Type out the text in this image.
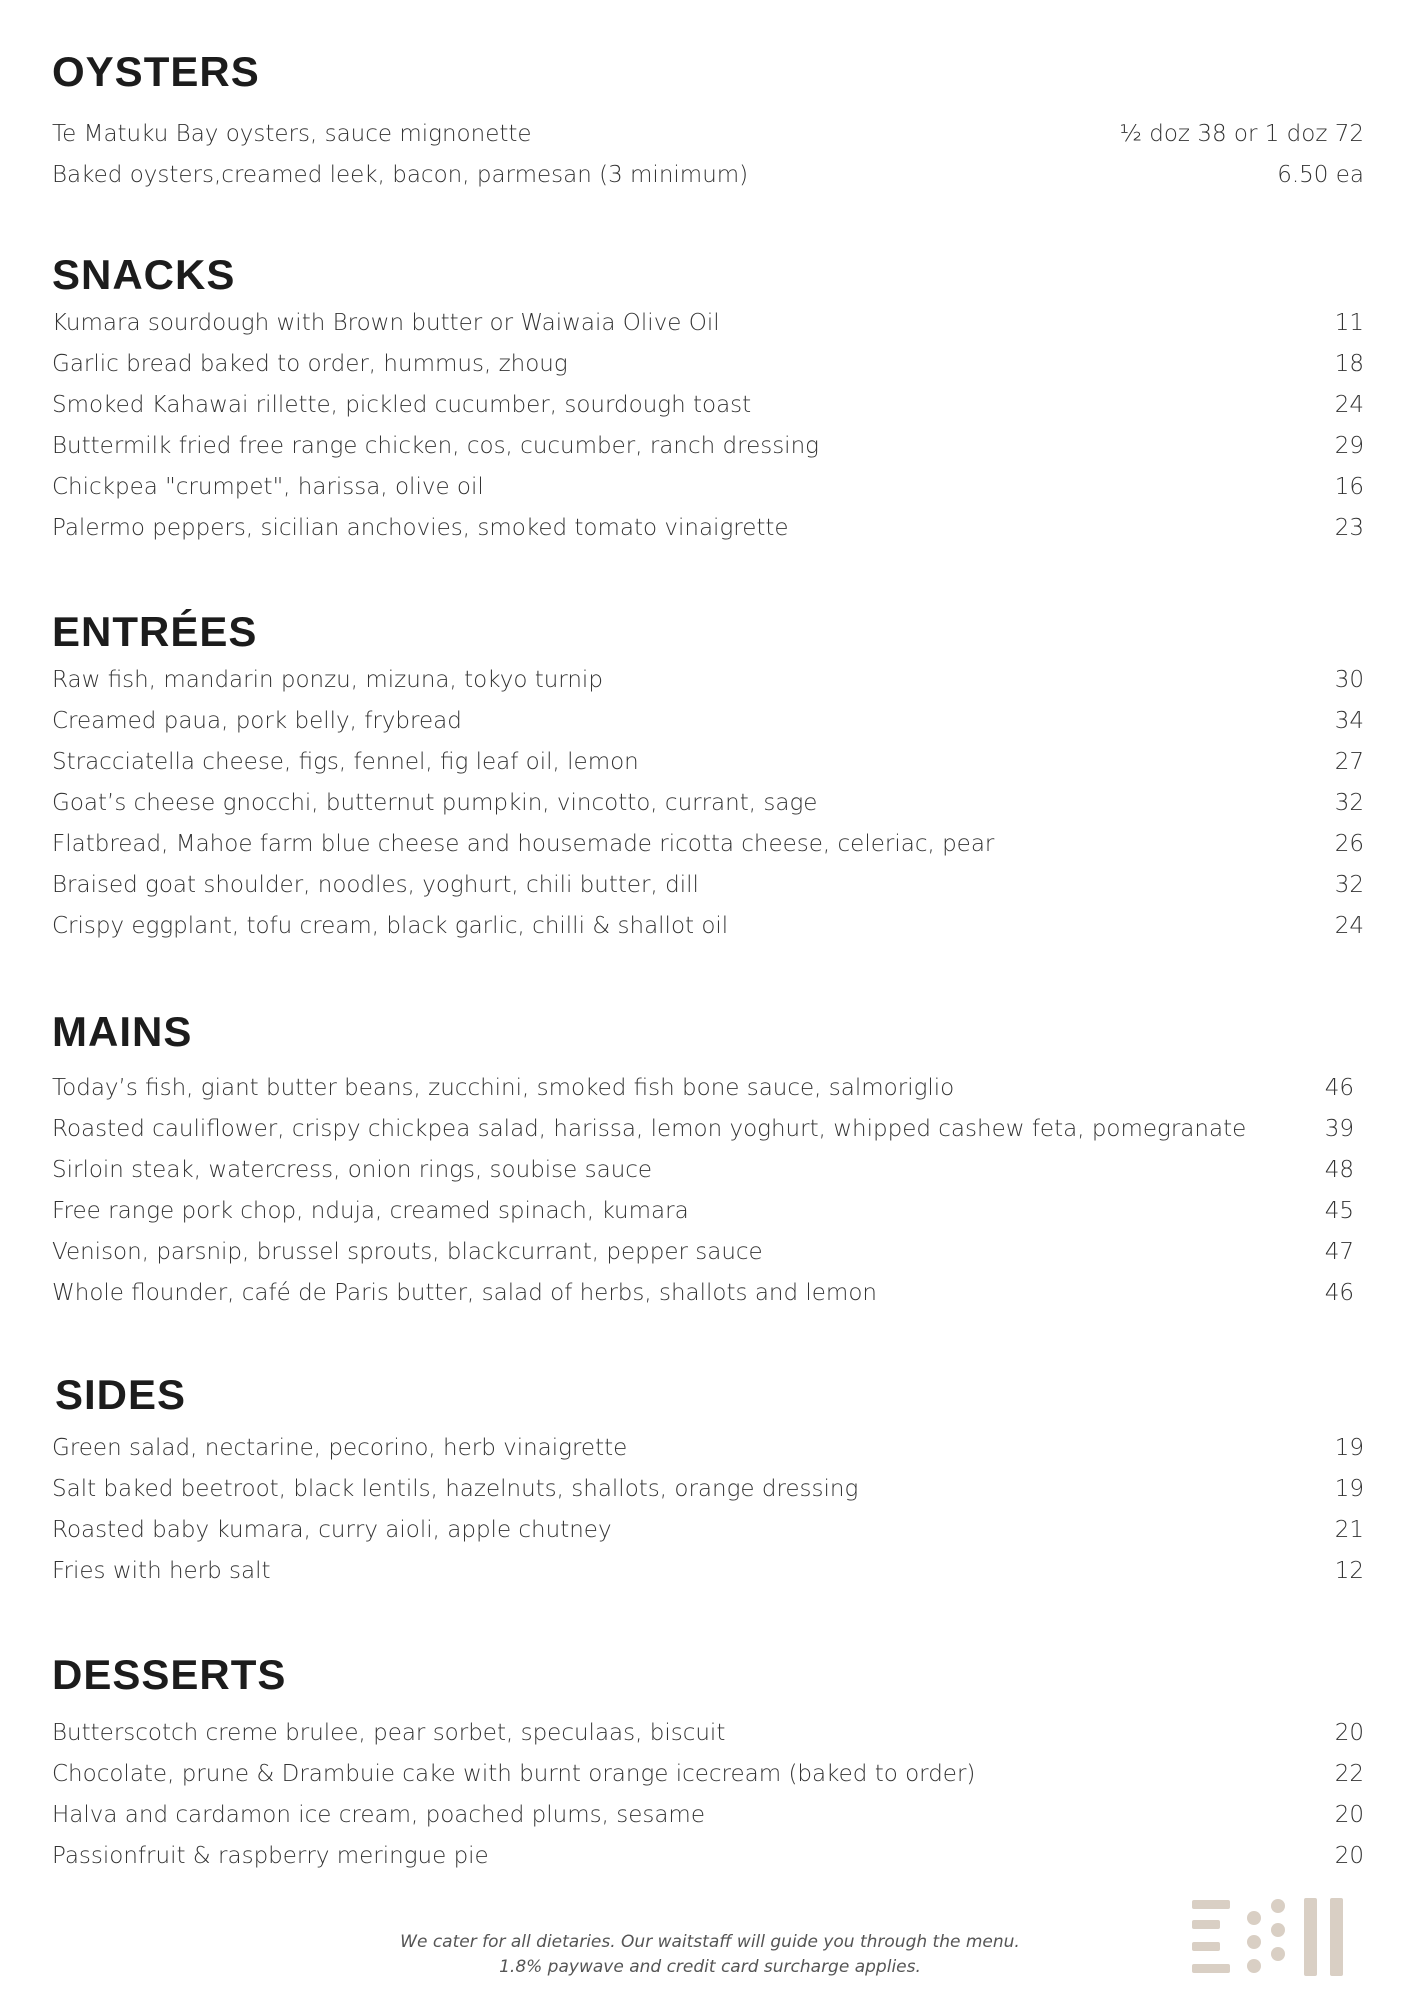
OYSTERS
Te Matuku Bay oysters, sauce mignonette	½ doz 38 or 1 doz 72
Baked oysters,creamed leek, bacon, parmesan (3 minimum)	6.50 ea
SNACKS
Kumara sourdough with Brown butter or Waiwaia Olive Oil	11
Garlic bread baked to order, hummus, zhoug	18
Smoked Kahawai rillette, pickled cucumber, sourdough toast	24
Buttermilk fried free range chicken, cos, cucumber, ranch dressing	29
Chickpea "crumpet", harissa, olive oil	16
Palermo peppers, sicilian anchovies, smoked tomato vinaigrette	23
ENTRÉES
Raw fish, mandarin ponzu, mizuna, tokyo turnip	30
Creamed paua, pork belly, frybread	34
Stracciatella cheese, figs, fennel, fig leaf oil, lemon	27
Goat’s cheese gnocchi, butternut pumpkin, vincotto, currant, sage	32
Flatbread, Mahoe farm blue cheese and housemade ricotta cheese, celeriac, pear	26
Braised goat shoulder, noodles, yoghurt, chili butter, dill	32
Crispy eggplant, tofu cream, black garlic, chilli & shallot oil	24
MAINS
Today’s fish, giant butter beans, zucchini, smoked fish bone sauce, salmoriglio	46
Roasted cauliflower, crispy chickpea salad, harissa, lemon yoghurt, whipped cashew feta, pomegranate	39
Sirloin steak, watercress, onion rings, soubise sauce	48
Free range pork chop, nduja, creamed spinach, kumara	45
Venison, parsnip, brussel sprouts, blackcurrant, pepper sauce	47
Whole flounder, café de Paris butter, salad of herbs, shallots and lemon	46
SIDES
Green salad, nectarine, pecorino, herb vinaigrette	19
Salt baked beetroot, black lentils, hazelnuts, shallots, orange dressing	19
Roasted baby kumara, curry aioli, apple chutney	21
Fries with herb salt	12
DESSERTS
Butterscotch creme brulee, pear sorbet, speculaas, biscuit	20
Chocolate, prune & Drambuie cake with burnt orange icecream (baked to order)	22
Halva and cardamon ice cream, poached plums, sesame	20
Passionfruit & raspberry meringue pie	20
We cater for all dietaries. Our waitstaff will guide you through the menu.
1.8% paywave and credit card surcharge applies.
